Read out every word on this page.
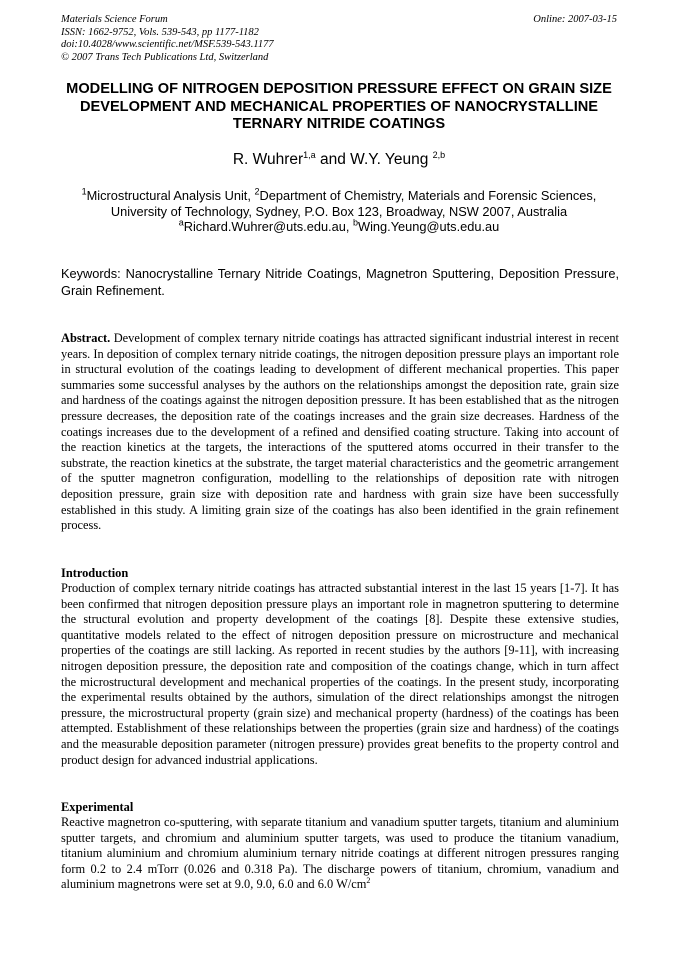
Materials Science Forum
ISSN: 1662-9752, Vols. 539-543, pp 1177-1182
doi:10.4028/www.scientific.net/MSF.539-543.1177
© 2007 Trans Tech Publications Ltd, Switzerland
Online: 2007-03-15
MODELLING OF NITROGEN DEPOSITION PRESSURE EFFECT ON GRAIN SIZE DEVELOPMENT AND MECHANICAL PROPERTIES OF NANOCRYSTALLINE TERNARY NITRIDE COATINGS
R. Wuhrer$^{1,a}$ and W.Y. Yeung $^{2,b}$
$^1$Microstructural Analysis Unit, $^2$Department of Chemistry, Materials and Forensic Sciences,
University of Technology, Sydney, P.O. Box 123, Broadway, NSW 2007, Australia
$^a$Richard.Wuhrer@uts.edu.au, $^b$Wing.Yeung@uts.edu.au
Keywords: Nanocrystalline Ternary Nitride Coatings, Magnetron Sputtering, Deposition Pressure, Grain Refinement.
Abstract. Development of complex ternary nitride coatings has attracted significant industrial interest in recent years. In deposition of complex ternary nitride coatings, the nitrogen deposition pressure plays an important role in structural evolution of the coatings leading to development of different mechanical properties. This paper summaries some successful analyses by the authors on the relationships amongst the deposition rate, grain size and hardness of the coatings against the nitrogen deposition pressure. It has been established that as the nitrogen pressure decreases, the deposition rate of the coatings increases and the grain size decreases. Hardness of the coatings increases due to the development of a refined and densified coating structure. Taking into account of the reaction kinetics at the targets, the interactions of the sputtered atoms occurred in their transfer to the substrate, the reaction kinetics at the substrate, the target material characteristics and the geometric arrangement of the sputter magnetron configuration, modelling to the relationships of deposition rate with nitrogen deposition pressure, grain size with deposition rate and hardness with grain size have been successfully established in this study. A limiting grain size of the coatings has also been identified in the grain refinement process.
Introduction
Production of complex ternary nitride coatings has attracted substantial interest in the last 15 years [1-7]. It has been confirmed that nitrogen deposition pressure plays an important role in magnetron sputtering to determine the structural evolution and property development of the coatings [8]. Despite these extensive studies, quantitative models related to the effect of nitrogen deposition pressure on microstructure and mechanical properties of the coatings are still lacking. As reported in recent studies by the authors [9-11], with increasing nitrogen deposition pressure, the deposition rate and composition of the coatings change, which in turn affect the microstructural development and mechanical properties of the coatings. In the present study, incorporating the experimental results obtained by the authors, simulation of the direct relationships amongst the nitrogen pressure, the microstructural property (grain size) and mechanical property (hardness) of the coatings has been attempted. Establishment of these relationships between the properties (grain size and hardness) of the coatings and the measurable deposition parameter (nitrogen pressure) provides great benefits to the property control and product design for advanced industrial applications.
Experimental
Reactive magnetron co-sputtering, with separate titanium and vanadium sputter targets, titanium and aluminium sputter targets, and chromium and aluminium sputter targets, was used to produce the titanium vanadium, titanium aluminium and chromium aluminium ternary nitride coatings at different nitrogen pressures ranging form 0.2 to 2.4 mTorr (0.026 and 0.318 Pa). The discharge powers of titanium, chromium, vanadium and aluminium magnetrons were set at 9.0, 9.0, 6.0 and 6.0 $W/cm^2$
